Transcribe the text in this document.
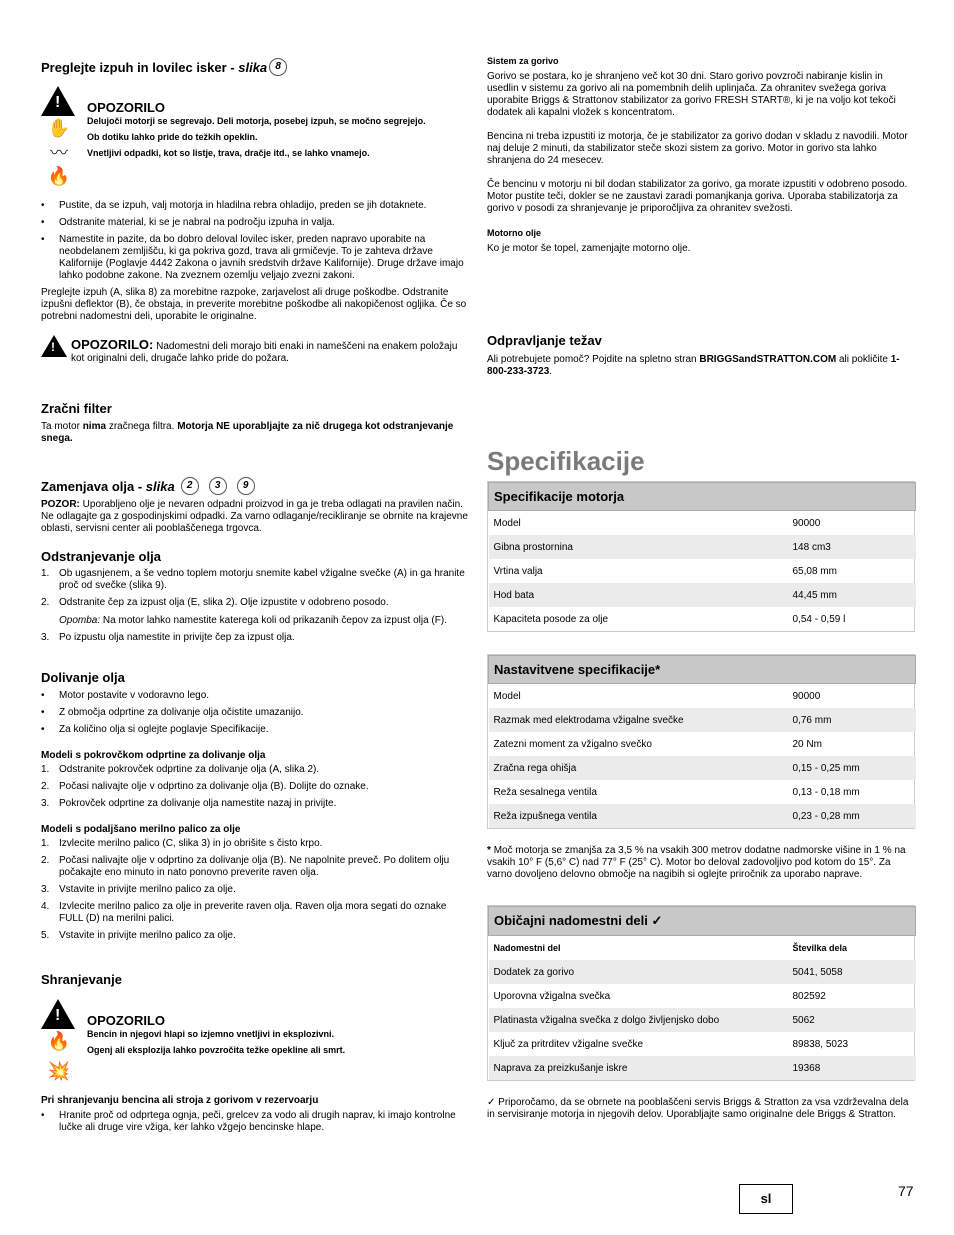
Preglejte izpuh in lovilec isker - slika 8
!
✋
〰
🔥
OPOZORILO

Delujoči motorji se segrevajo. Deli motorja, posebej izpuh, se močno segrejejo.

Ob dotiku lahko pride do težkih opeklin.

Vnetljivi odpadki, kot so listje, trava, dračje itd., se lahko vnamejo.

• Pustite, da se izpuh, valj motorja in hladilna rebra ohladijo, preden se jih dotaknete.
• Odstranite material, ki se je nabral na področju izpuha in valja.
• Namestite in pazite, da bo dobro deloval lovilec isker, preden napravo uporabite na neobdelanem zemljišču, ki ga pokriva gozd, trava ali grmičevje. To je zahteva države Kalifornije (Poglavje 4442 Zakona o javnih sredstvih države Kalifornije). Druge države imajo lahko podobne zakone. Na zveznem ozemlju veljajo zvezni zakoni.

Preglejte izpuh (A, slika 8) za morebitne razpoke, zarjavelost ali druge poškodbe. Odstranite izpušni deflektor (B), če obstaja, in preverite morebitne poškodbe ali nakopičenost ogljika. Če so potrebni nadomestni deli, uporabite le originalne.

! OPOZORILO: Nadomestni deli morajo biti enaki in nameščeni na enakem položaju kot originalni deli, drugače lahko pride do požara.

Zračni filter

Ta motor nima zračnega filtra. Motorja NE uporabljajte za nič drugega kot odstranjevanje snega.

Zamenjava olja - slika	2	3	9

POZOR: Uporabljeno olje je nevaren odpadni proizvod in ga je treba odlagati na pravilen način. Ne odlagajte ga z gospodinjskimi odpadki. Za varno odlaganje/recikliranje se obrnite na krajevne oblasti, servisni center ali pooblaščenega trgovca.

Odstranjevanje olja
1. Ob ugasnjenem, a še vedno toplem motorju snemite kabel vžigalne svečke (A) in ga hranite proč od svečke (slika 9).
2. Odstranite čep za izpust olja (E, slika 2). Olje izpustite v odobreno posodo.
Opomba: Na motor lahko namestite katerega koli od prikazanih čepov za izpust olja (F).
3. Po izpustu olja namestite in privijte čep za izpust olja.
Dolivanje olja
• Motor postavite v vodoravno lego.
• Z območja odprtine za dolivanje olja očistite umazanijo.
• Za količino olja si oglejte poglavje Specifikacije.

Modeli s pokrovčkom odprtine za dolivanje olja

1. Odstranite pokrovček odprtine za dolivanje olja (A, slika 2).
2. Počasi nalivajte olje v odprtino za dolivanje olja (B). Dolijte do oznake.
3. Pokrovček odprtine za dolivanje olja namestite nazaj in privijte.

Modeli s podaljšano merilno palico za olje

1. Izvlecite merilno palico (C, slika 3) in jo obrišite s čisto krpo.
2. Počasi nalivajte olje v odprtino za dolivanje olja (B). Ne napolnite preveč. Po dolitem olju počakajte eno minuto in nato ponovno preverite raven olja.
3. Vstavite in privijte merilno palico za olje.
4. Izvlecite merilno palico za olje in preverite raven olja. Raven olja mora segati do oznake FULL (D) na merilni palici.
5. Vstavite in privijte merilno palico za olje.
Shranjevanje
!
🔥
💥
OPOZORILO

Bencin in njegovi hlapi so izjemno vnetljivi in eksplozivni.

Ogenj ali eksplozija lahko povzročita težke opekline ali smrt.

Pri shranjevanju bencina ali stroja z gorivom v rezervoarju

• Hranite proč od odprtega ognja, peči, grelcev za vodo ali drugih naprav, ki imajo kontrolne lučke ali druge vire vžiga, ker lahko vžgejo bencinske hlape.

Sistem za gorivo

Gorivo se postara, ko je shranjeno več kot 30 dni. Staro gorivo povzroči nabiranje kislin in usedlin v sistemu za gorivo ali na pomembnih delih uplinjača. Za ohranitev svežega goriva uporabite Briggs & Strattonov stabilizator za gorivo FRESH START®, ki je na voljo kot tekoči dodatek ali kapalni vložek s koncentratom.

Bencina ni treba izpustiti iz motorja, če je stabilizator za gorivo dodan v skladu z navodili. Motor naj deluje 2 minuti, da stabilizator steče skozi sistem za gorivo. Motor in gorivo sta lahko shranjena do 24 mesecev.

Če bencinu v motorju ni bil dodan stabilizator za gorivo, ga morate izpustiti v odobreno posodo. Motor pustite teči, dokler se ne zaustavi zaradi pomanjkanja goriva. Uporaba stabilizatorja za gorivo v posodi za shranjevanje je priporočljiva za ohranitev svežosti.

Motorno olje

Ko je motor še topel, zamenjajte motorno olje.

Odpravljanje težav

Ali potrebujete pomoč? Pojdite na spletno stran BRIGGSandSTRATTON.COM ali pokličite 1-800-233-3723.

Specifikacije
Specifikacije motorja	
Model	90000
Gibna prostornina	148 cm3
Vrtina valja	65,08 mm
Hod bata	44,45 mm
Kapaciteta posode za olje	0,54 - 0,59 l
Nastavitvene specifikacije*	
Model	90000
Razmak med elektrodama vžigalne svečke	0,76 mm
Zatezni moment za vžigalno svečko	20 Nm
Zračna rega ohišja	0,15 - 0,25 mm
Reža sesalnega ventila	0,13 - 0,18 mm
Reža izpušnega ventila	0,23 - 0,28 mm

* Moč motorja se zmanjša za 3,5 % na vsakih 300 metrov dodatne nadmorske višine in 1 % na vsakih 10° F (5,6° C) nad 77° F (25° C). Motor bo deloval zadovoljivo pod kotom do 15°. Za varno dovoljeno delovno območje na nagibih si oglejte priročnik za uporabo naprave.

Običajni nadomestni deli ✓	
Nadomestni del	Številka dela
Dodatek za gorivo	5041, 5058
Uporovna vžigalna svečka	802592
Platinasta vžigalna svečka z dolgo življenjsko dobo	5062
Ključ za pritrditev vžigalne svečke	89838, 5023
Naprava za preizkušanje iskre	19368

✓ Priporočamo, da se obrnete na pooblaščeni servis Briggs & Stratton za vsa vzdrževalna dela in servisiranje motorja in njegovih delov. Uporabljajte samo originalne dele Briggs & Stratton.

sl	77
